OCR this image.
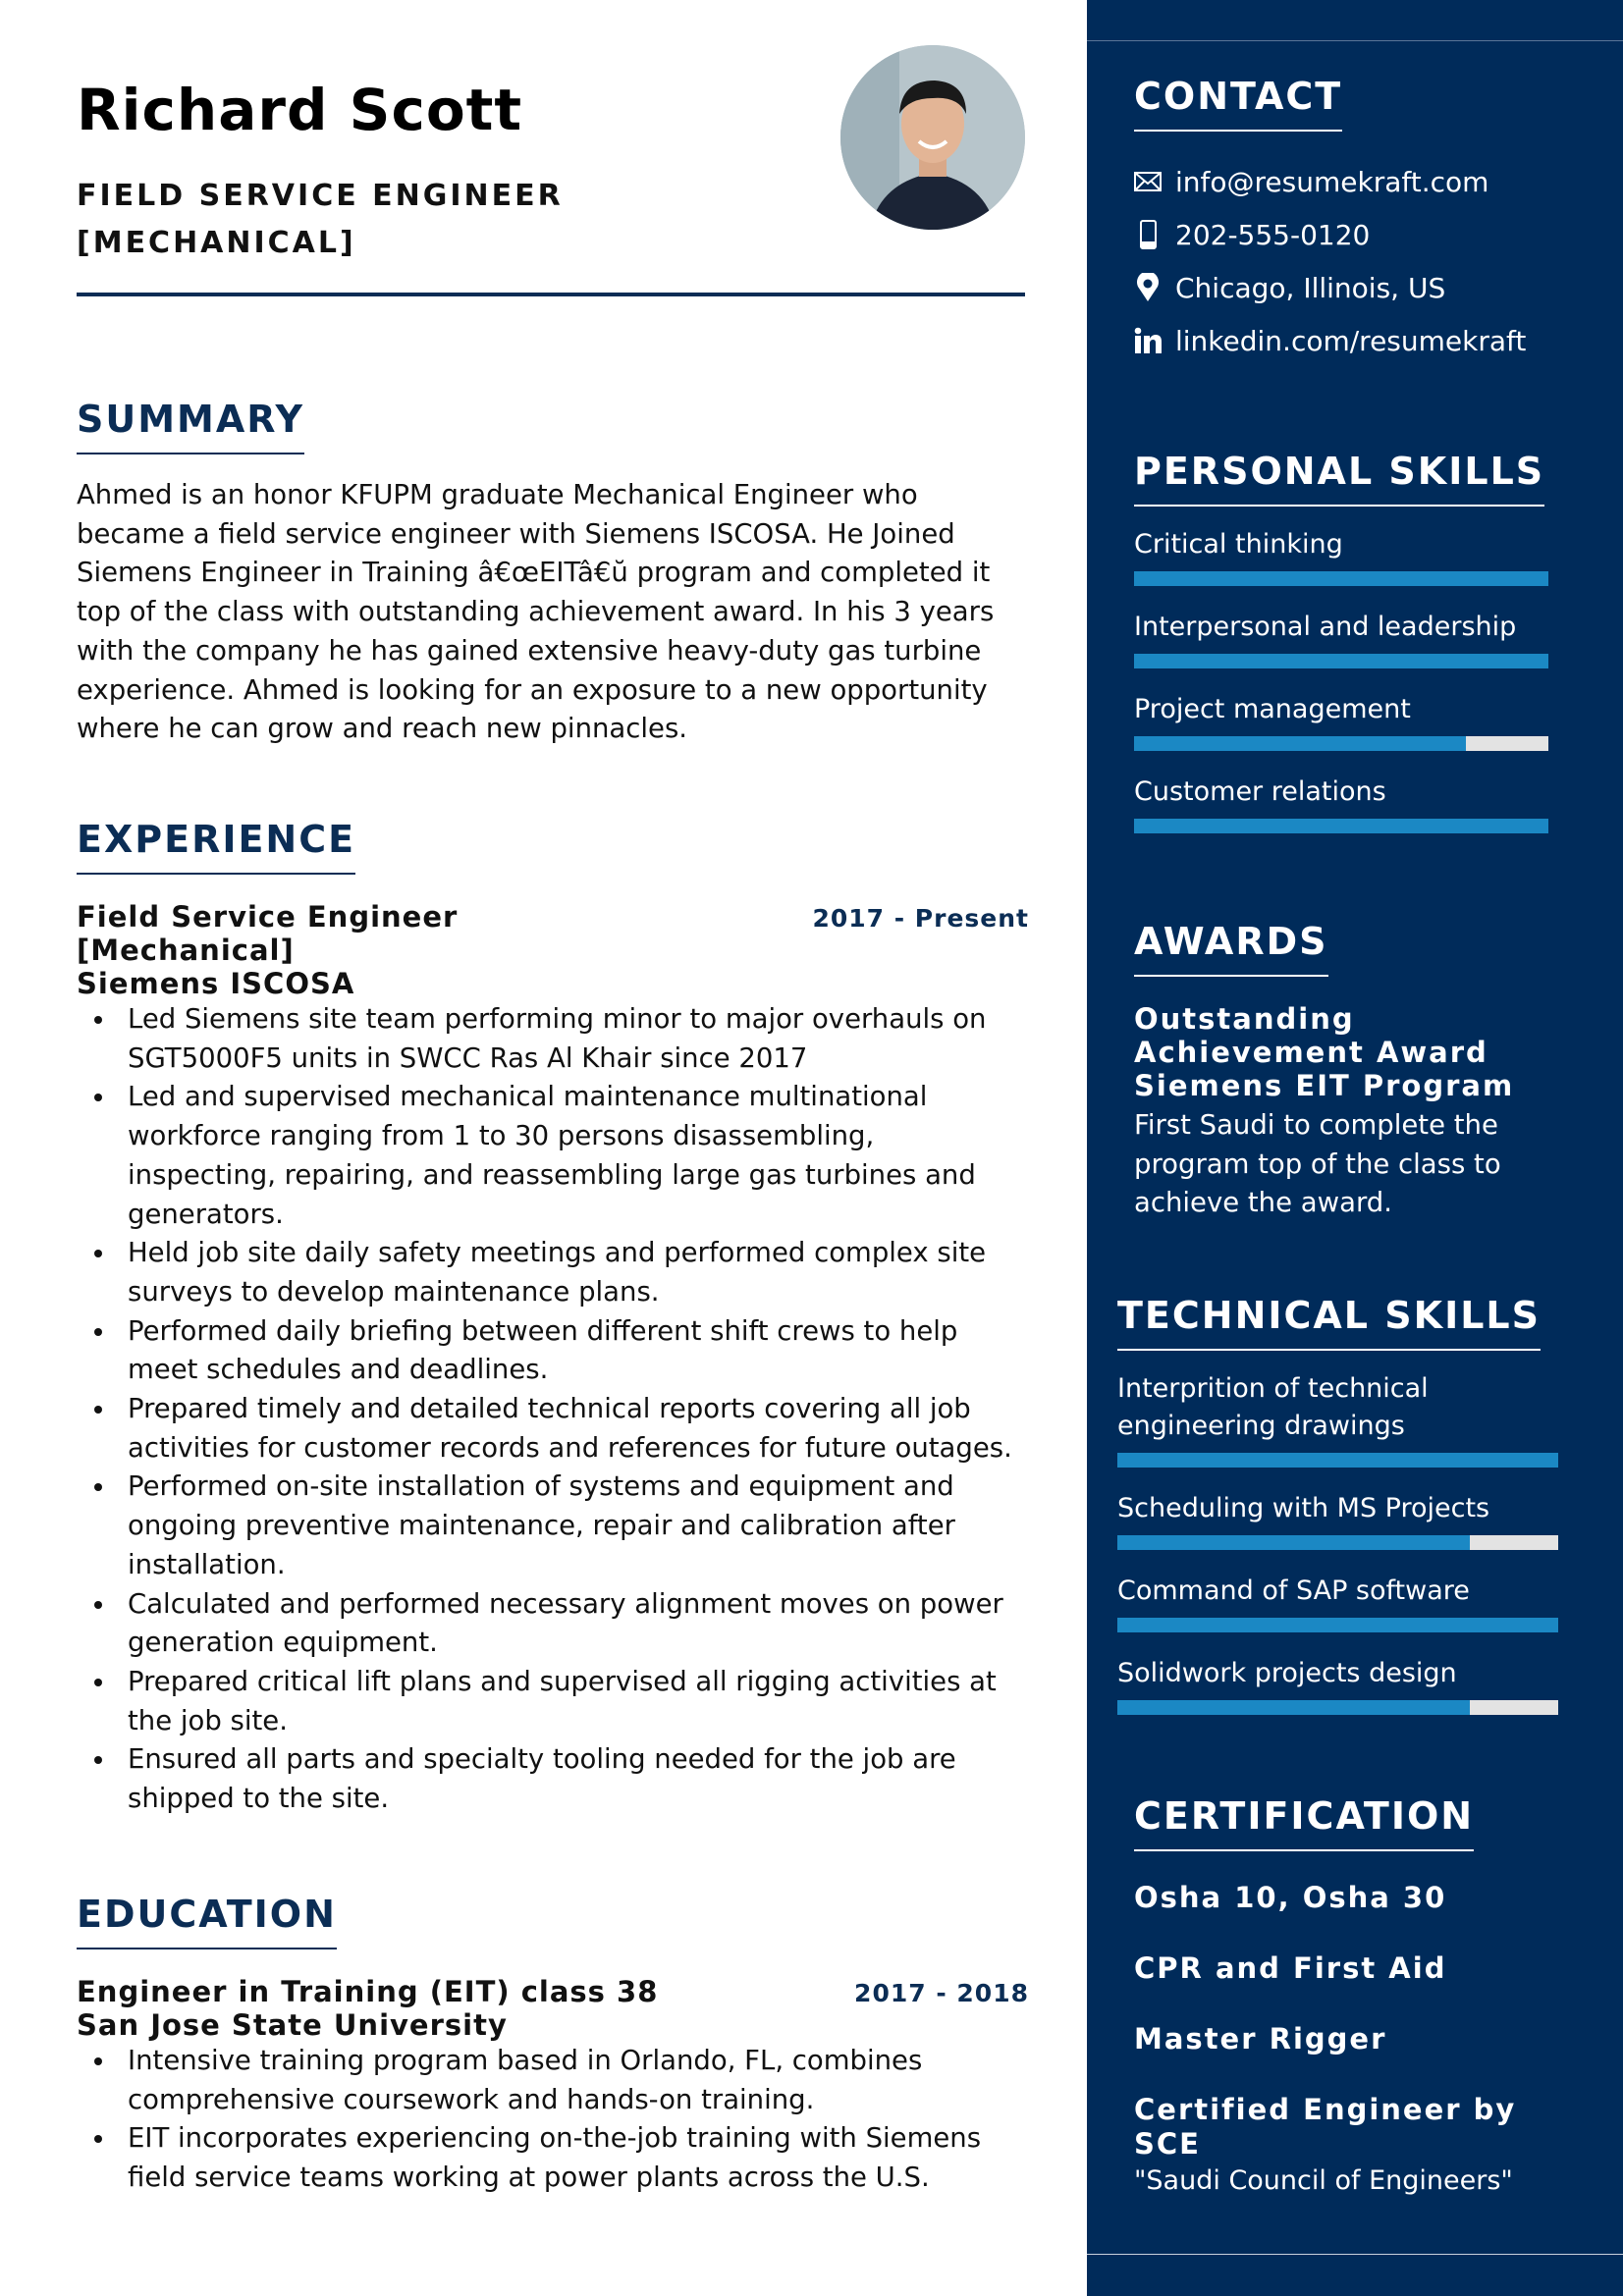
Richard Scott
FIELD SERVICE ENGINEER
[MECHANICAL]
SUMMARY
Ahmed is an honor KFUPM graduate Mechanical Engineer who became a field service engineer with Siemens ISCOSA. He Joined Siemens Engineer in Training â€œEITâ€ŭ program and completed it top of the class with outstanding achievement award. In his 3 years with the company he has gained extensive heavy-duty gas turbine experience. Ahmed is looking for an exposure to a new opportunity where he can grow and reach new pinnacles.
EXPERIENCE
Field Service Engineer [Mechanical]
2017 - Present
Siemens ISCOSA
Led Siemens site team performing minor to major overhauls on SGT5000F5 units in SWCC Ras Al Khair since 2017
Led and supervised mechanical maintenance multinational workforce ranging from 1 to 30 persons disassembling, inspecting, repairing, and reassembling large gas turbines and generators.
Held job site daily safety meetings and performed complex site surveys to develop maintenance plans.
Performed daily briefing between different shift crews to help meet schedules and deadlines.
Prepared timely and detailed technical reports covering all job activities for customer records and references for future outages.
Performed on-site installation of systems and equipment and ongoing preventive maintenance, repair and calibration after installation.
Calculated and performed necessary alignment moves on power generation equipment.
Prepared critical lift plans and supervised all rigging activities at the job site.
Ensured all parts and specialty tooling needed for the job are shipped to the site.
EDUCATION
Engineer in Training (EIT) class 38	2017 - 2018
San Jose State University
Intensive training program based in Orlando, FL, combines comprehensive coursework and hands-on training.
EIT incorporates experiencing on-the-job training with Siemens field service teams working at power plants across the U.S.
CONTACT
info@resumekraft.com
202-555-0120
Chicago, Illinois, US
linkedin.com/resumekraft
PERSONAL SKILLS
Critical thinking
Interpersonal and leadership
Project management
Customer relations
AWARDS
Outstanding Achievement Award Siemens EIT Program
First Saudi to complete the program top of the class to achieve the award.
TECHNICAL SKILLS
Interprition of technical engineering drawings
Scheduling with MS Projects
Command of SAP software
Solidwork projects design
CERTIFICATION
Osha 10, Osha 30
CPR and First Aid
Master Rigger
Certified Engineer by SCE
"Saudi Council of Engineers"
